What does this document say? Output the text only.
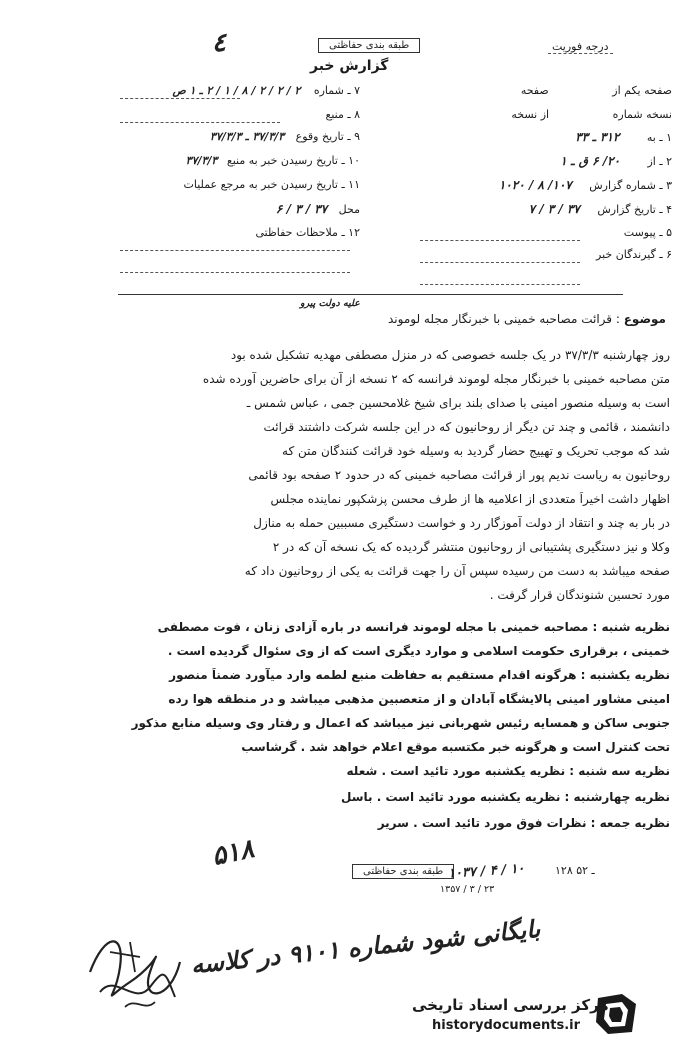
٤	طبقه بندی حفاظتی	درجه فوریت
گزارش خبر
صفحه یکم از صفحه
نسخه شماره از نسخه
۱ ـ به ۳۱۲ ـ ۳۳
۲ ـ از ۲۰/ ۶ ق ـ ۱
۳ ـ شماره گزارش ۱۰۷/ ۸ / ۱۰۲۰
۴ ـ تاریخ گزارش ۳۷ / ۳ / ۷
۵ ـ پیوست
۶ ـ گیرندگان خبر
۷ ـ شماره ۲ / ۲ / ۲ / ۸ / ۱ / ۲ ـ ۱ ص
۸ ـ منبع
۹ ـ تاریخ وقوع ۳۷/۳/۳ ـ ۳۷/۳/۳
۱۰ ـ تاریخ رسیدن خبر به منبع ۳۷/۳/۳
۱۱ ـ تاریخ رسیدن خبر به مرجع عملیات
محل ۳۷ / ۳ / ۶
۱۲ ـ ملاحظات حفاظتی
موضوع : قرائت مصاحبه خمینی با خبرنگار مجله لوموند
علیه دولت پیرو
روز چهارشنبه ۳۷/۳/۳ در یک جلسه خصوصی که در منزل مصطفی مهدیه تشکیل شده بود
متن مصاحبه خمینی با خبرنگار مجله لوموند فرانسه که ۲ نسخه از آن برای حاضرین آورده شده
است به وسیله منصور امینی با صدای بلند برای شیخ غلامحسین جمی ، عباس شمس ـ
دانشمند ، قائمی و چند تن دیگر از روحانیون که در این جلسه شرکت داشتند قرائت
شد که موجب تحریک و تهییج حضار گردید به وسیله خود قرائت کنندگان متن که
روحانیون به ریاست ندیم پور از قرائت مصاحبه خمینی که در حدود ۲ صفحه بود قائمی
اظهار داشت اخیراً متعددی از اعلامیه ها از طرف محسن پزشکپور نماینده مجلس
در بار به چند و انتقاد از دولت آموزگار رد و خواست دستگیری مسببین حمله به منازل
وکلا و نیز دستگیری پشتیبانی از روحانیون منتشر گردیده که یک نسخه آن که در ۲
صفحه میباشد به دست من رسیده سپس آن را جهت قرائت به یکی از روحانیون داد که
مورد تحسین شنوندگان قرار گرفت .
نظریه شنبه : مصاحبه خمینی با مجله لوموند فرانسه در باره آزادی زنان ، فوت مصطفی
خمینی ، برقراری حکومت اسلامی و موارد دیگری است که از وی سئوال گردیده است .
نظریه یکشنبه : هرگونه اقدام مستقیم به حفاظت منبع لطمه وارد میآورد ضمناً منصور
امینی مشاور امینی پالایشگاه آبادان و از متعصبین مذهبی میباشد و در منطقه هوا رده
جنوبی ساکن و همسایه رئیس شهربانی نیز میباشد که اعمال و رفتار وی وسیله منابع مذکور
تحت کنترل است و هرگونه خبر مکتسبه موقع اعلام خواهد شد . گرشاسب
نظریه سه شنبه : نظریه یکشنبه مورد تائید است . شعله
نظریه چهارشنبه : نظریه یکشنبه مورد تائید است . باسل
نظریه جمعه : نظرات فوق مورد تائید است . سریر
۵۱۸	طبقه بندی حفاظتی ۱۰۳۷ / ۴ / ۱۰
۱۳۵۷ / ۳ / ۲۳
۱۲۸ ـ ۵۲
بایگانی شود شماره ۹۱۰۱ در کلاسه
مرکز بررسی اسناد تاریخی
historydocuments.ir
